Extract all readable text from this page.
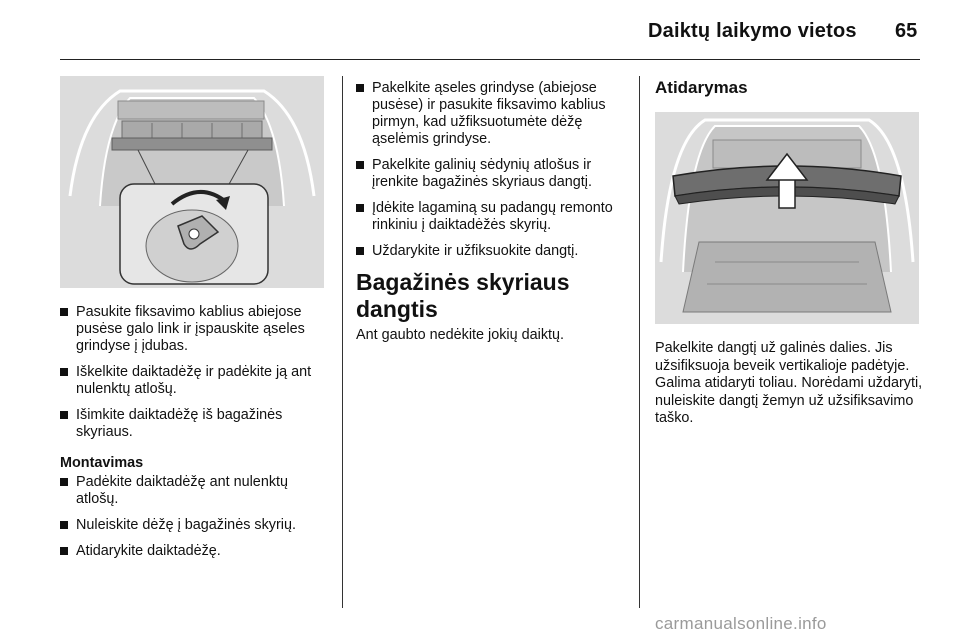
Daiktų laikymo vietos 65
Pasukite fiksavimo kablius abiejose pusėse galo link ir įspauskite ąseles grindyse į įdubas.
Iškelkite daiktadėžę ir padėkite ją ant nulenktų atlošų.
Išimkite daiktadėžę iš bagažinės skyriaus.
Montavimas
Padėkite daiktadėžę ant nulenktų atlošų.
Nuleiskite dėžę į bagažinės skyrių.
Atidarykite daiktadėžę.
Pakelkite ąseles grindyse (abiejose pusėse) ir pasukite fiksavimo kablius pirmyn, kad užfiksuotumėte dėžę ąselėmis grindyse.
Pakelkite galinių sėdynių atlošus ir įrenkite bagažinės skyriaus dangtį.
Įdėkite lagaminą su padangų remonto rinkiniu į daiktadėžės skyrių.
Uždarykite ir užfiksuokite dangtį.
Bagažinės skyriaus
dangtis
Ant gaubto nedėkite jokių daiktų.
Atidarymas
Pakelkite dangtį už galinės dalies. Jis užsifiksuoja beveik vertikalioje padėtyje. Galima atidaryti toliau. Norėdami uždaryti, nuleiskite dangtį žemyn už užsifiksavimo taško.
carmanualsonline.info
